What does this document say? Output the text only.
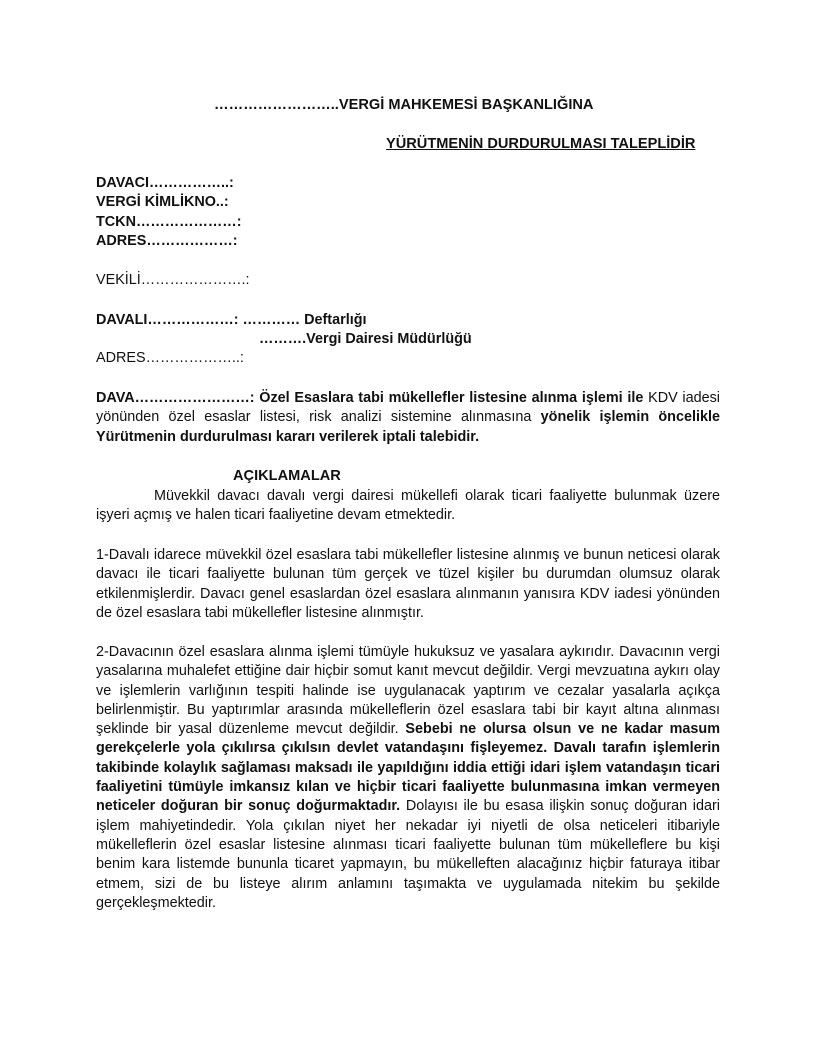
……………………..VERGİ MAHKEMESİ BAŞKANLIĞINA
YÜRÜTMENİN DURDURULMASI TALEPLİDİR
DAVACI……………..:
VERGİ KİMLİKNO..:
TCKN…………………:
ADRES………………:
VEKİLİ………………….:
DAVALI………………: ………… Deftarlığı
……….Vergi Dairesi Müdürlüğü
ADRES………………..:
DAVA……………………: Özel Esaslara tabi mükellefler listesine alınma işlemi ile KDV iadesi yönünden özel esaslar listesi, risk analizi sistemine alınmasına yönelik işlemin öncelikle Yürütmenin durdurulması kararı verilerek iptali talebidir.
AÇIKLAMALAR
Müvekkil davacı davalı vergi dairesi mükellefi olarak ticari faaliyette bulunmak üzere işyeri açmış ve halen ticari faaliyetine devam etmektedir.
1-Davalı idarece müvekkil özel esaslara tabi mükellefler listesine alınmış ve bunun neticesi olarak davacı ile ticari faaliyette bulunan tüm gerçek ve tüzel kişiler bu durumdan olumsuz olarak etkilenmişlerdir. Davacı genel esaslardan özel esaslara alınmanın yanısıra KDV iadesi yönünden de özel esaslara tabi mükellefler listesine alınmıştır.
2-Davacının özel esaslara alınma işlemi tümüyle hukuksuz ve yasalara aykırıdır. Davacının vergi yasalarına muhalefet ettiğine dair hiçbir somut kanıt mevcut değildir. Vergi mevzuatına aykırı olay ve işlemlerin varlığının tespiti halinde ise uygulanacak yaptırım ve cezalar yasalarla açıkça belirlenmiştir. Bu yaptırımlar arasında mükelleflerin özel esaslara tabi bir kayıt altına alınması şeklinde bir yasal düzenleme mevcut değildir. Sebebi ne olursa olsun ve ne kadar masum gerekçelerle yola çıkılırsa çıkılsın devlet vatandaşını fişleyemez. Davalı tarafın işlemlerin takibinde kolaylık sağlaması maksadı ile yapıldığını iddia ettiği idari işlem vatandaşın ticari faaliyetini tümüyle imkansız kılan ve hiçbir ticari faaliyette bulunmasına imkan vermeyen neticeler doğuran bir sonuç doğurmaktadır. Dolayısı ile bu esasa ilişkin sonuç doğuran idari işlem mahiyetindedir. Yola çıkılan niyet her nekadar iyi niyetli de olsa neticeleri itibariyle mükelleflerin özel esaslar listesine alınması ticari faaliyette bulunan tüm mükelleflere bu kişi benim kara listemde bununla ticaret yapmayın, bu mükelleften alacağınız hiçbir faturaya itibar etmem, sizi de bu listeye alırım anlamını taşımakta ve uygulamada nitekim bu şekilde gerçekleşmektedir.
